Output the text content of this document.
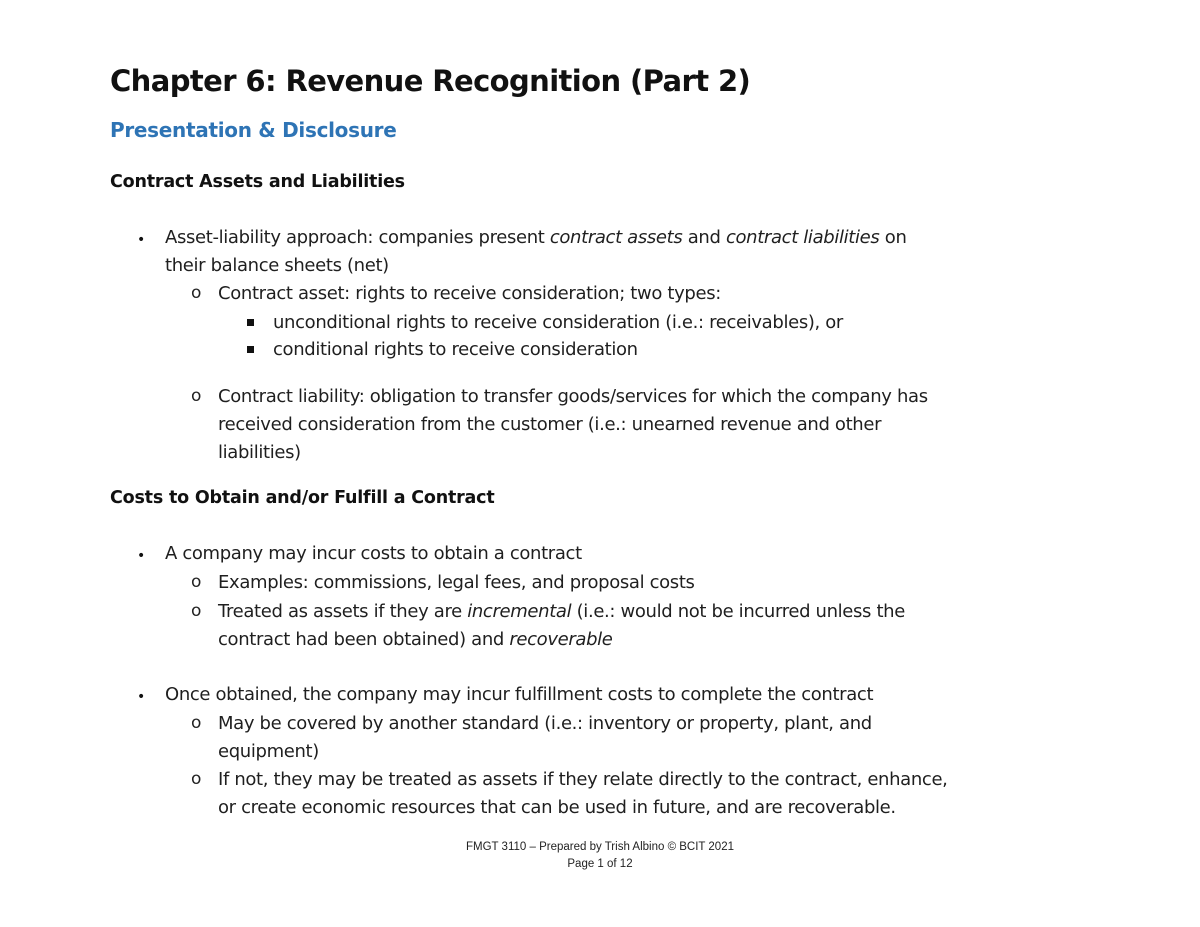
Chapter 6: Revenue Recognition (Part 2)
Presentation & Disclosure
Contract Assets and Liabilities
• Asset-liability approach: companies present contract assets and contract liabilities on
their balance sheets (net)
o Contract asset: rights to receive consideration; two types:
unconditional rights to receive consideration (i.e.: receivables), or
conditional rights to receive consideration
o Contract liability: obligation to transfer goods/services for which the company has
received consideration from the customer (i.e.: unearned revenue and other
liabilities)
Costs to Obtain and/or Fulfill a Contract
• A company may incur costs to obtain a contract
o Examples: commissions, legal fees, and proposal costs
o Treated as assets if they are incremental (i.e.: would not be incurred unless the
contract had been obtained) and recoverable
• Once obtained, the company may incur fulfillment costs to complete the contract
o May be covered by another standard (i.e.: inventory or property, plant, and
equipment)
o If not, they may be treated as assets if they relate directly to the contract, enhance,
or create economic resources that can be used in future, and are recoverable.
FMGT 3110 – Prepared by Trish Albino © BCIT 2021
Page 1 of 12
